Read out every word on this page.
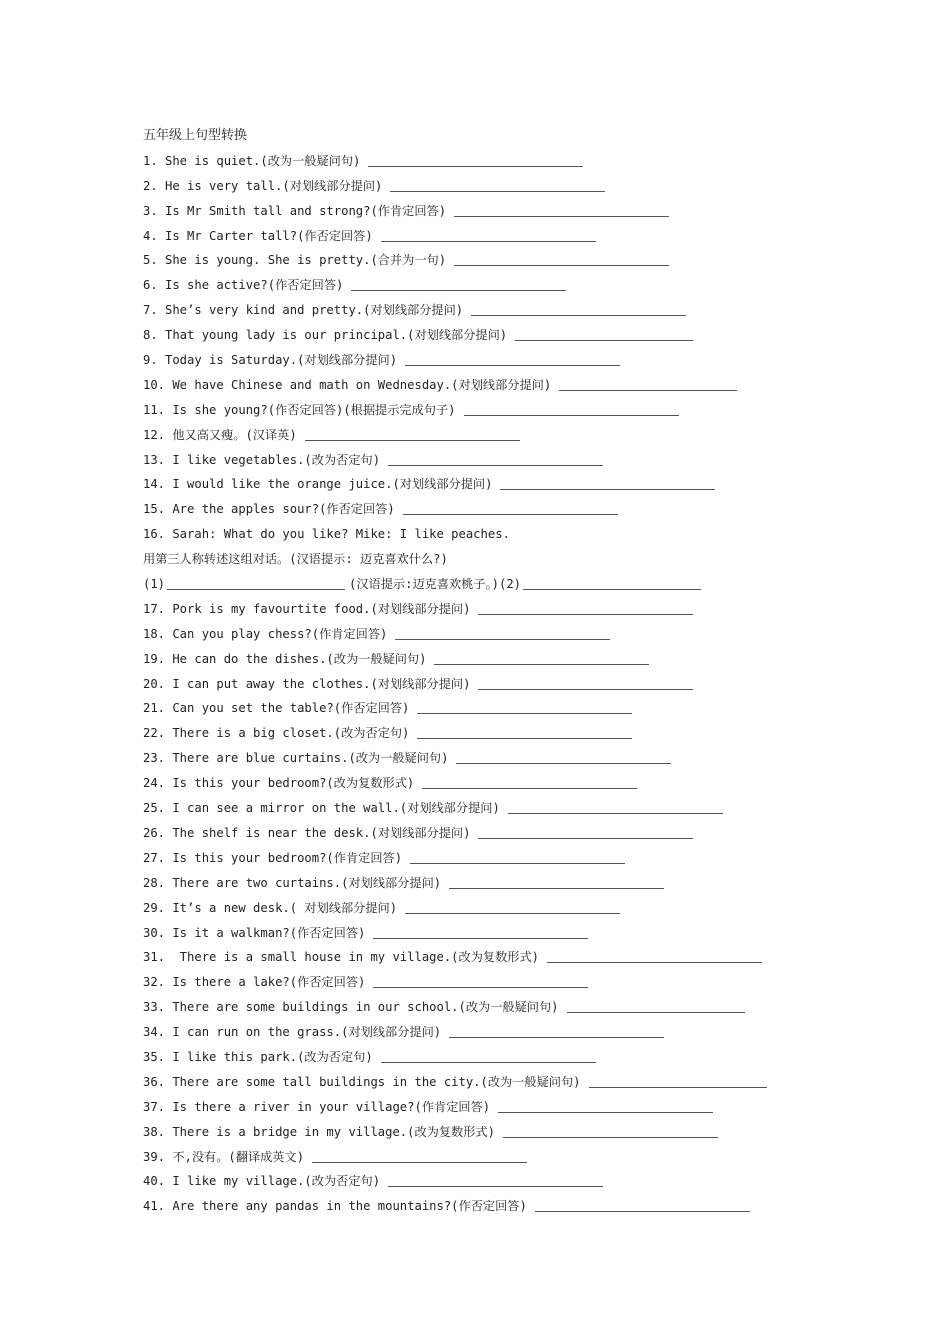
五年级上句型转换
1. She is quiet.(改为一般疑问句)
2. He is very tall.(对划线部分提问)
3. Is Mr Smith tall and strong?(作肯定回答)
4. Is Mr Carter tall?(作否定回答)
5. She is young. She is pretty.(合并为一句)
6. Is she active?(作否定回答)
7. She’s very kind and pretty.(对划线部分提问)
8. That young lady is our principal.(对划线部分提问)
9. Today is Saturday.(对划线部分提问)
10. We have Chinese and math on Wednesday.(对划线部分提问)
11. Is she young?(作否定回答)(根据提示完成句子)
12. 他又高又瘦。(汉译英)
13. I like vegetables.(改为否定句)
14. I would like the orange juice.(对划线部分提问)
15. Are the apples sour?(作否定回答)
16. Sarah: What do you like? Mike: I like peaches.
用第三人称转述这组对话。(汉语提示: 迈克喜欢什么?)
(1)	(汉语提示:迈克喜欢桃子。)(2)
17. Pork is my favourtite food.(对划线部分提问)
18. Can you play chess?(作肯定回答)
19. He can do the dishes.(改为一般疑问句)
20. I can put away the clothes.(对划线部分提问)
21. Can you set the table?(作否定回答)
22. There is a big closet.(改为否定句)
23. There are blue curtains.(改为一般疑问句)
24. Is this your bedroom?(改为复数形式)
25. I can see a mirror on the wall.(对划线部分提问)
26. The shelf is near the desk.(对划线部分提问)
27. Is this your bedroom?(作肯定回答)
28. There are two curtains.(对划线部分提问)
29. It’s a new desk.( 对划线部分提问)
30. Is it a walkman?(作否定回答)
31.  There is a small house in my village.(改为复数形式)
32. Is there a lake?(作否定回答)
33. There are some buildings in our school.(改为一般疑问句)
34. I can run on the grass.(对划线部分提问)
35. I like this park.(改为否定句)
36. There are some tall buildings in the city.(改为一般疑问句)
37. Is there a river in your village?(作肯定回答)
38. There is a bridge in my village.(改为复数形式)
39. 不,没有。(翻译成英文)
40. I like my village.(改为否定句)
41. Are there any pandas in the mountains?(作否定回答)
